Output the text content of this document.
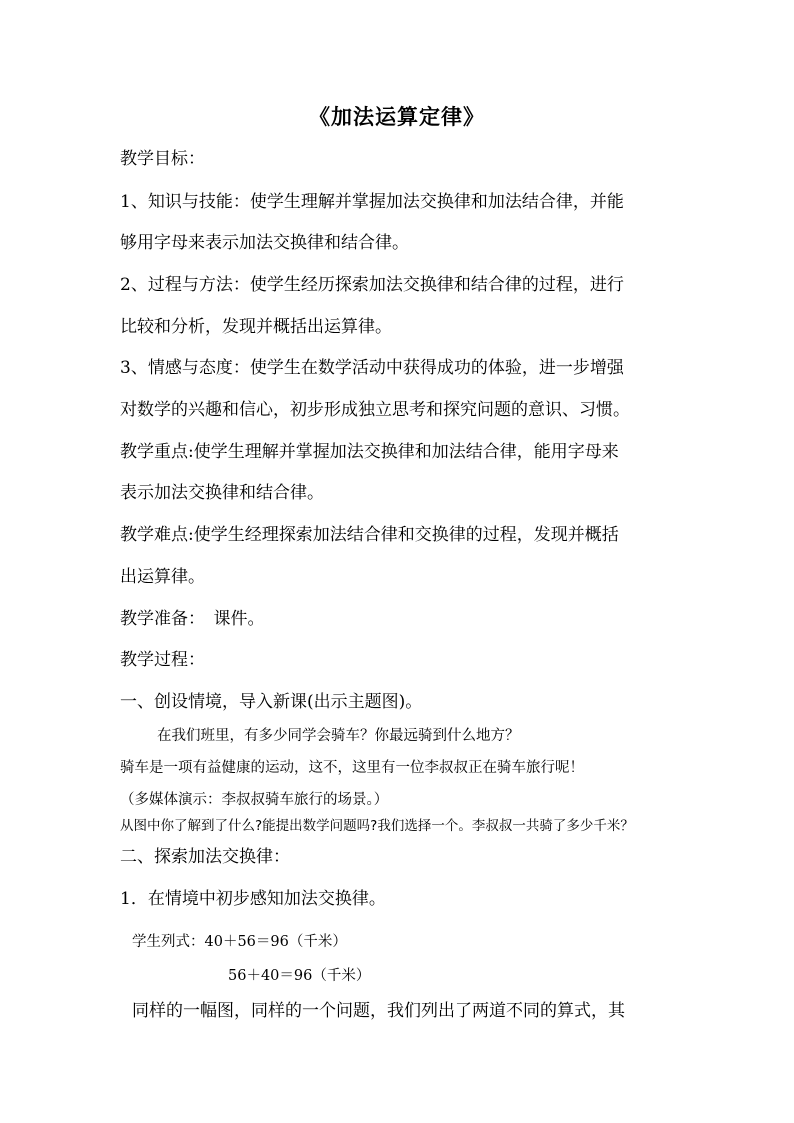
《加法运算定律》
教学目标：
1、知识与技能：使学生理解并掌握加法交换律和加法结合律，并能
够用字母来表示加法交换律和结合律。
2、过程与方法：使学生经历探索加法交换律和结合律的过程，进行
比较和分析，发现并概括出运算律。
3、情感与态度：使学生在数学活动中获得成功的体验，进一步增强
对数学的兴趣和信心，初步形成独立思考和探究问题的意识、习惯。
教学重点:使学生理解并掌握加法交换律和加法结合律，能用字母来
表示加法交换律和结合律。
教学难点:使学生经理探索加法结合律和交换律的过程，发现并概括
出运算律。
教学准备：　课件。
教学过程：
一、创设情境，导入新课(出示主题图)。
在我们班里，有多少同学会骑车？你最远骑到什么地方？
骑车是一项有益健康的运动，这不，这里有一位李叔叔正在骑车旅行呢！
（多媒体演示：李叔叔骑车旅行的场景。）
从图中你了解到了什么?能提出数学问题吗?我们选择一个。李叔叔一共骑了多少千米？
二、探索加法交换律：
1．在情境中初步感知加法交换律。
学生列式：40＋56＝96（千米）
56＋40＝96（千米）
同样的一幅图，同样的一个问题，我们列出了两道不同的算式，其
